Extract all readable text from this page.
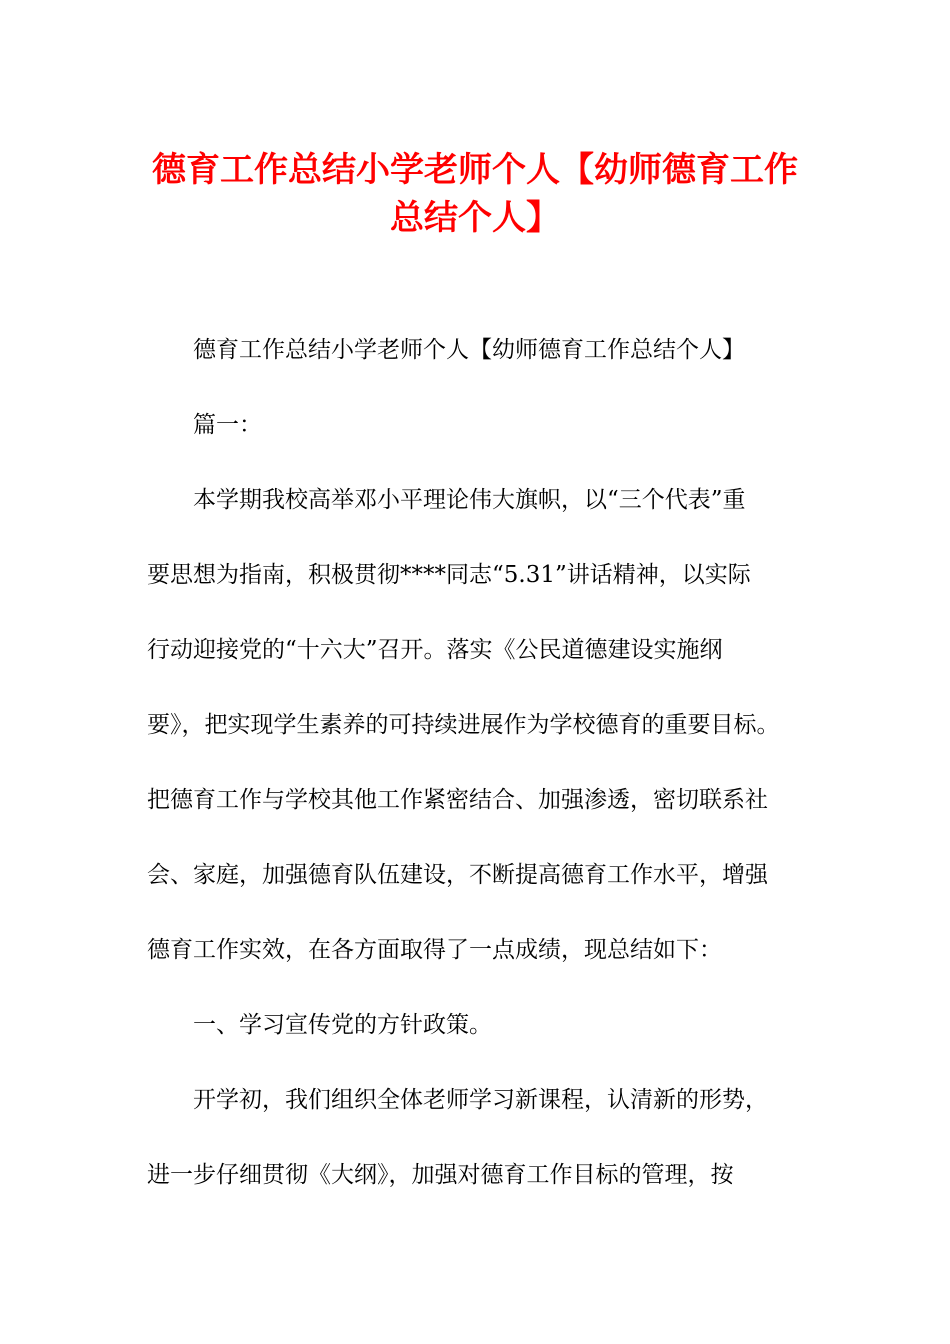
德育工作总结小学老师个人【幼师德育工作
总结个人】

德育工作总结小学老师个人【幼师德育工作总结个人】

篇一：

本学期我校高举邓小平理论伟大旗帜，以“三个代表”重

要思想为指南，积极贯彻****同志“5.31”讲话精神，以实际

行动迎接党的“十六大”召开。落实《公民道德建设实施纲

要》，把实现学生素养的可持续进展作为学校德育的重要目标。

把德育工作与学校其他工作紧密结合、加强渗透，密切联系社

会、家庭，加强德育队伍建设，不断提高德育工作水平，增强

德育工作实效，在各方面取得了一点成绩，现总结如下：

一、学习宣传党的方针政策。

开学初，我们组织全体老师学习新课程，认清新的形势，

进一步仔细贯彻《大纲》，加强对德育工作目标的管理，按
